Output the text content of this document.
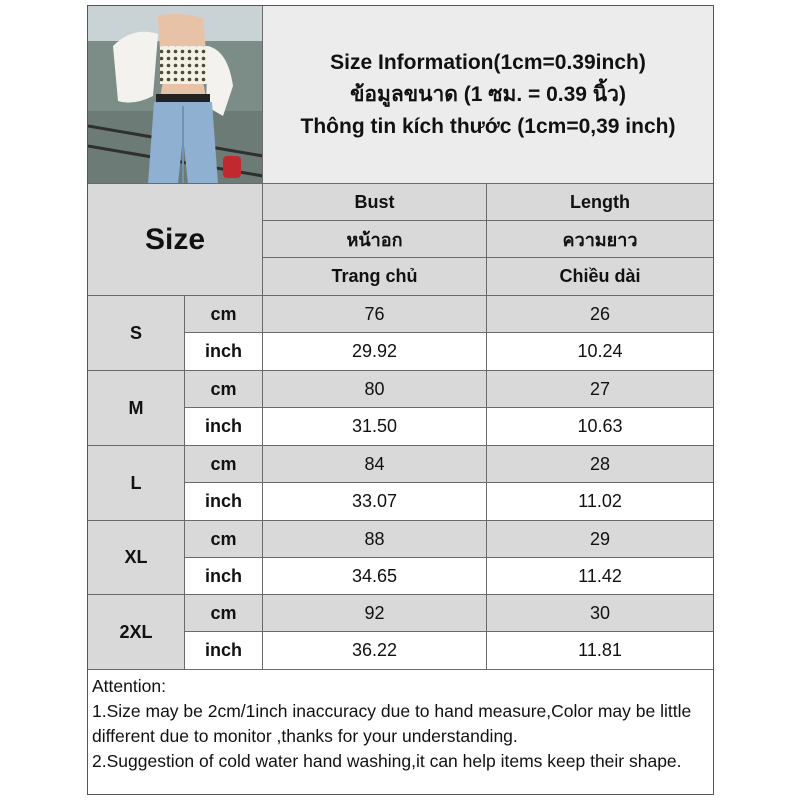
Size Information(1cm=0.39inch)
ข้อมูลขนาด (1 ซม. = 0.39 นิ้ว)
Thông tin kích thước (1cm=0,39 inch)
Size
Bust	Length
หน้าอก	ความยาว
Trang chủ	Chiều dài
S
cm	76	26
inch	29.92	10.24
M
cm	80	27
inch	31.50	10.63
L
cm	84	28
inch	33.07	11.02
XL
cm	88	29
inch	34.65	11.42
2XL
cm	92	30
inch	36.22	11.81
Attention:
1.Size may be 2cm/1inch inaccuracy due to hand measure,Color may be little different due to monitor ,thanks for your understanding.
2.Suggestion of cold water hand washing,it can help items keep their shape.
